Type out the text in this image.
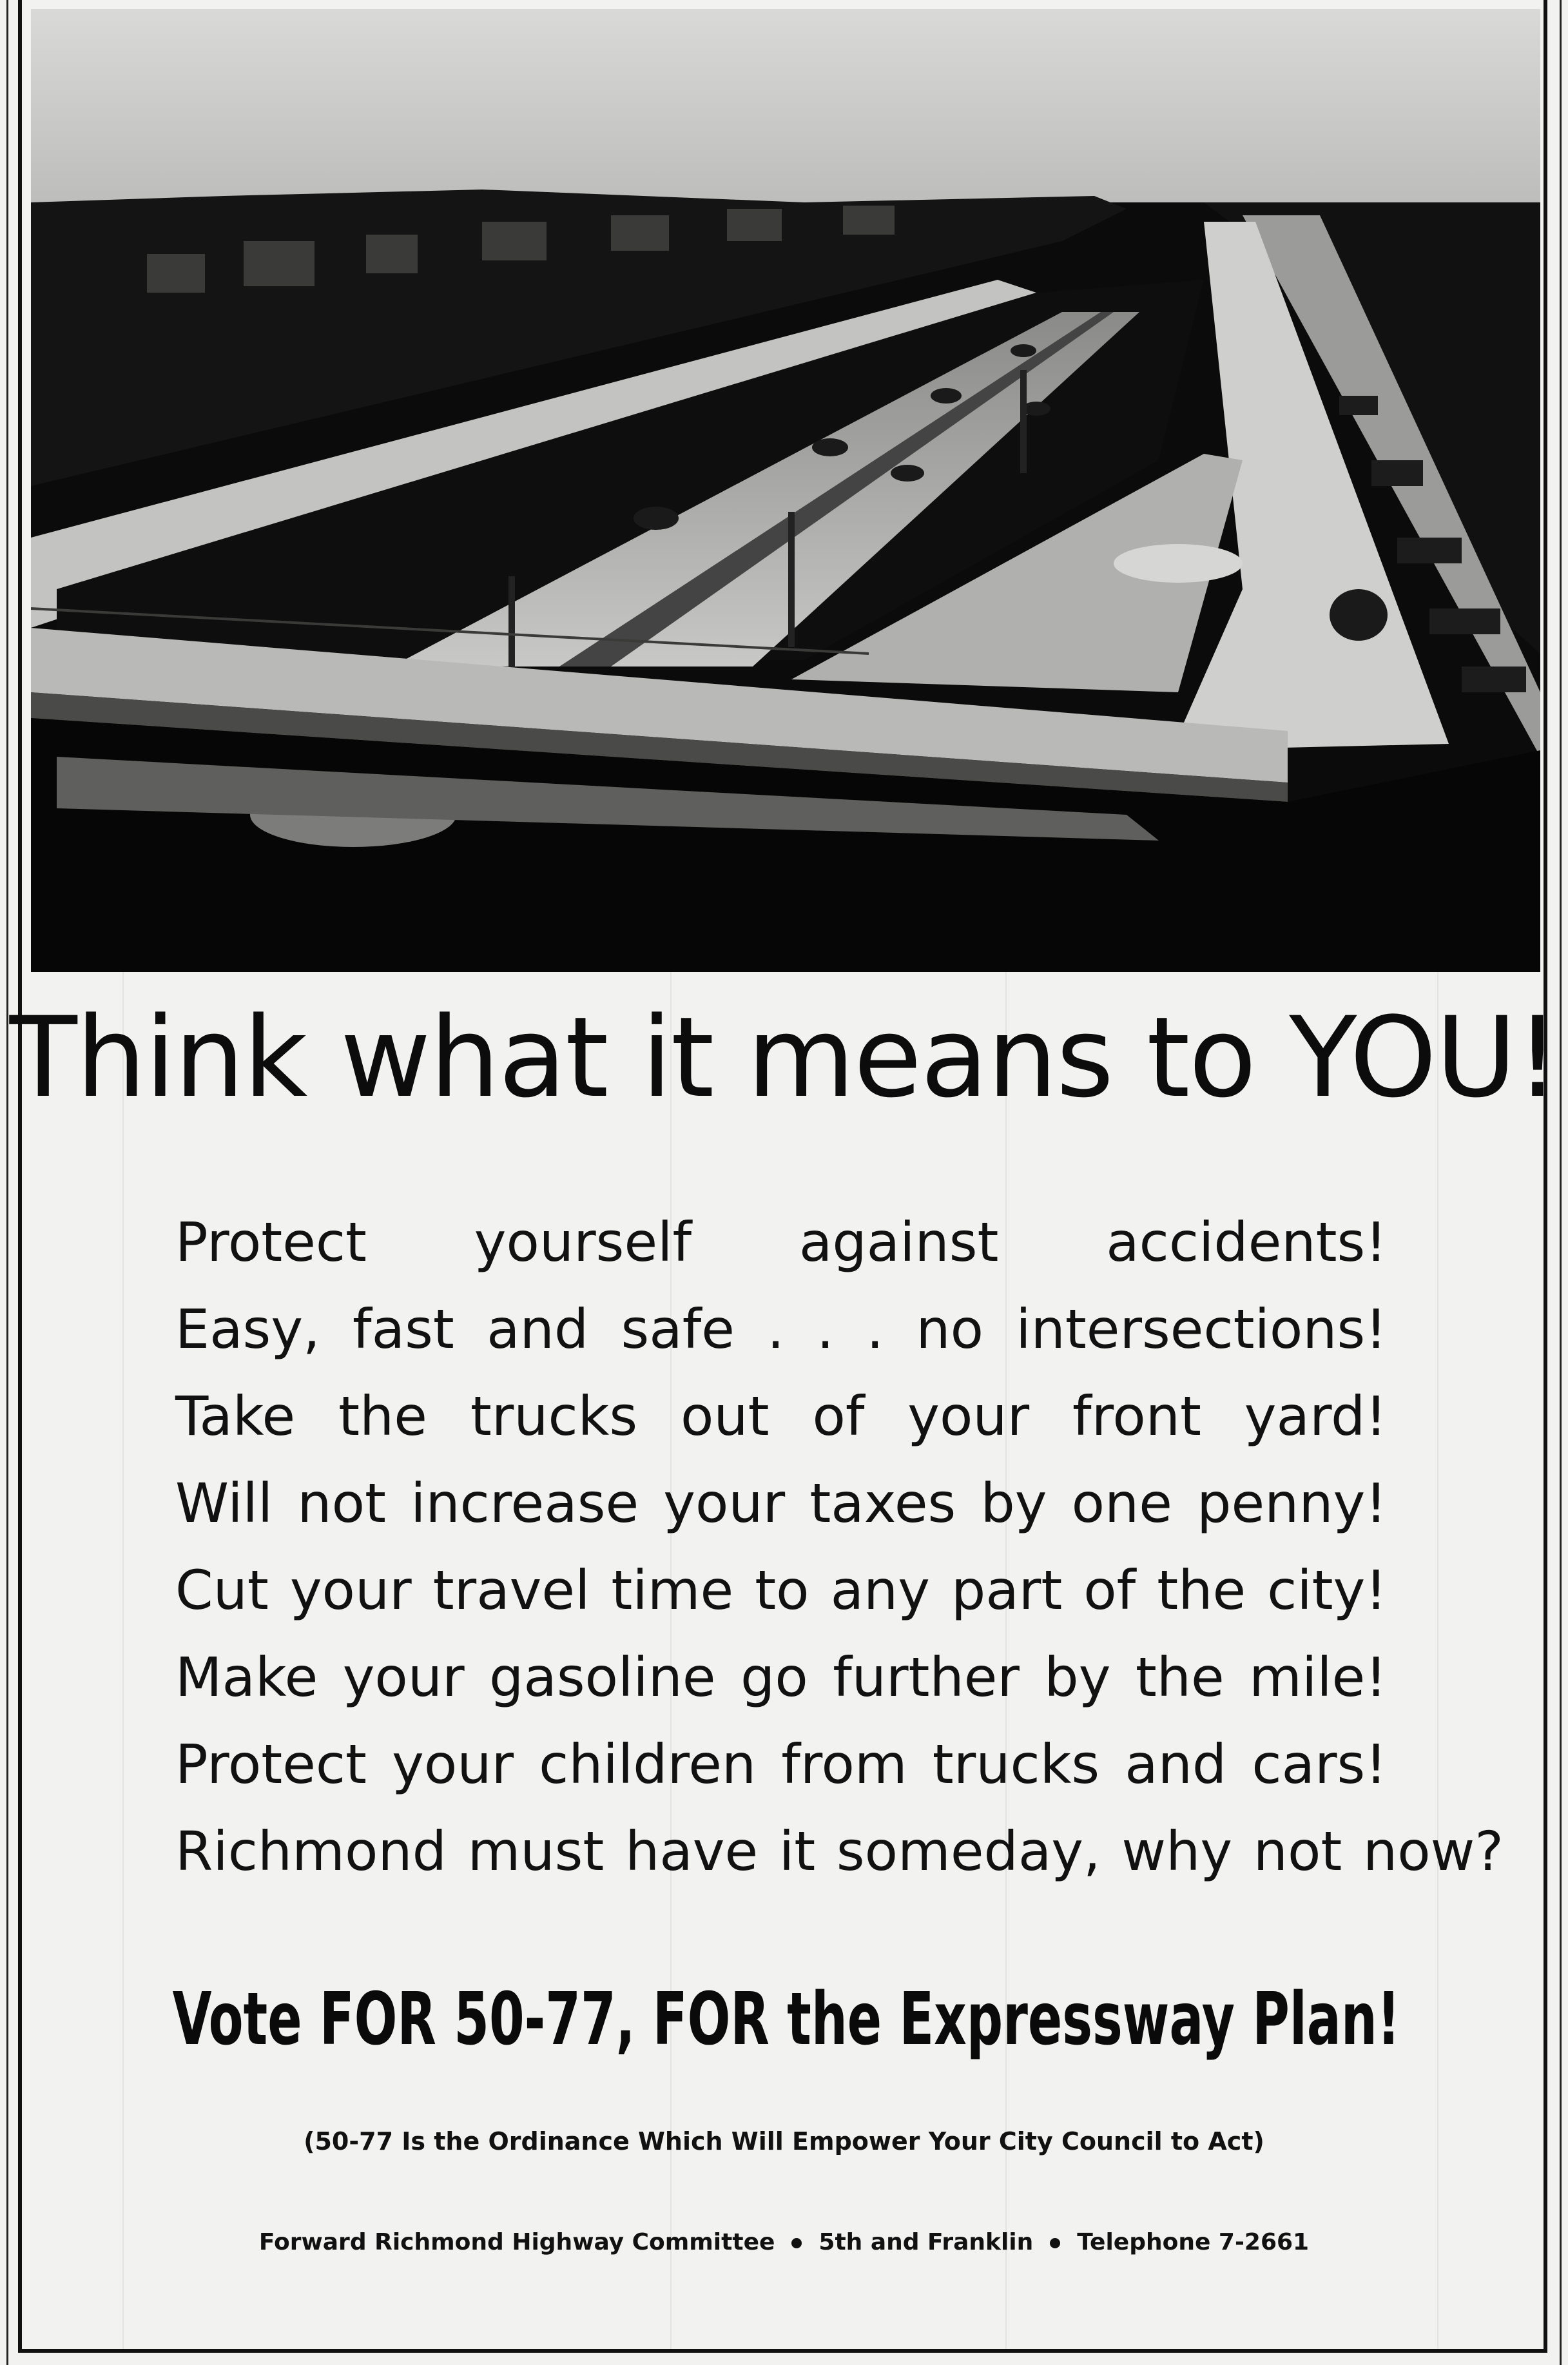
Think what it means to YOU!
Protect yourself against accidents!
Easy, fast and safe . . . no intersections!
Take the trucks out of your front yard!
Will not increase your taxes by one penny!
Cut your travel time to any part of the city!
Make your gasoline go further by the mile!
Protect your children from trucks and cars!
Richmond must have it someday, why not now?
Vote FOR 50-77, FOR the Expressway Plan!
(50-77 Is the Ordinance Which Will Empower Your City Council to Act)
Forward Richmond Highway Committee 5th and Franklin Telephone 7-2661
